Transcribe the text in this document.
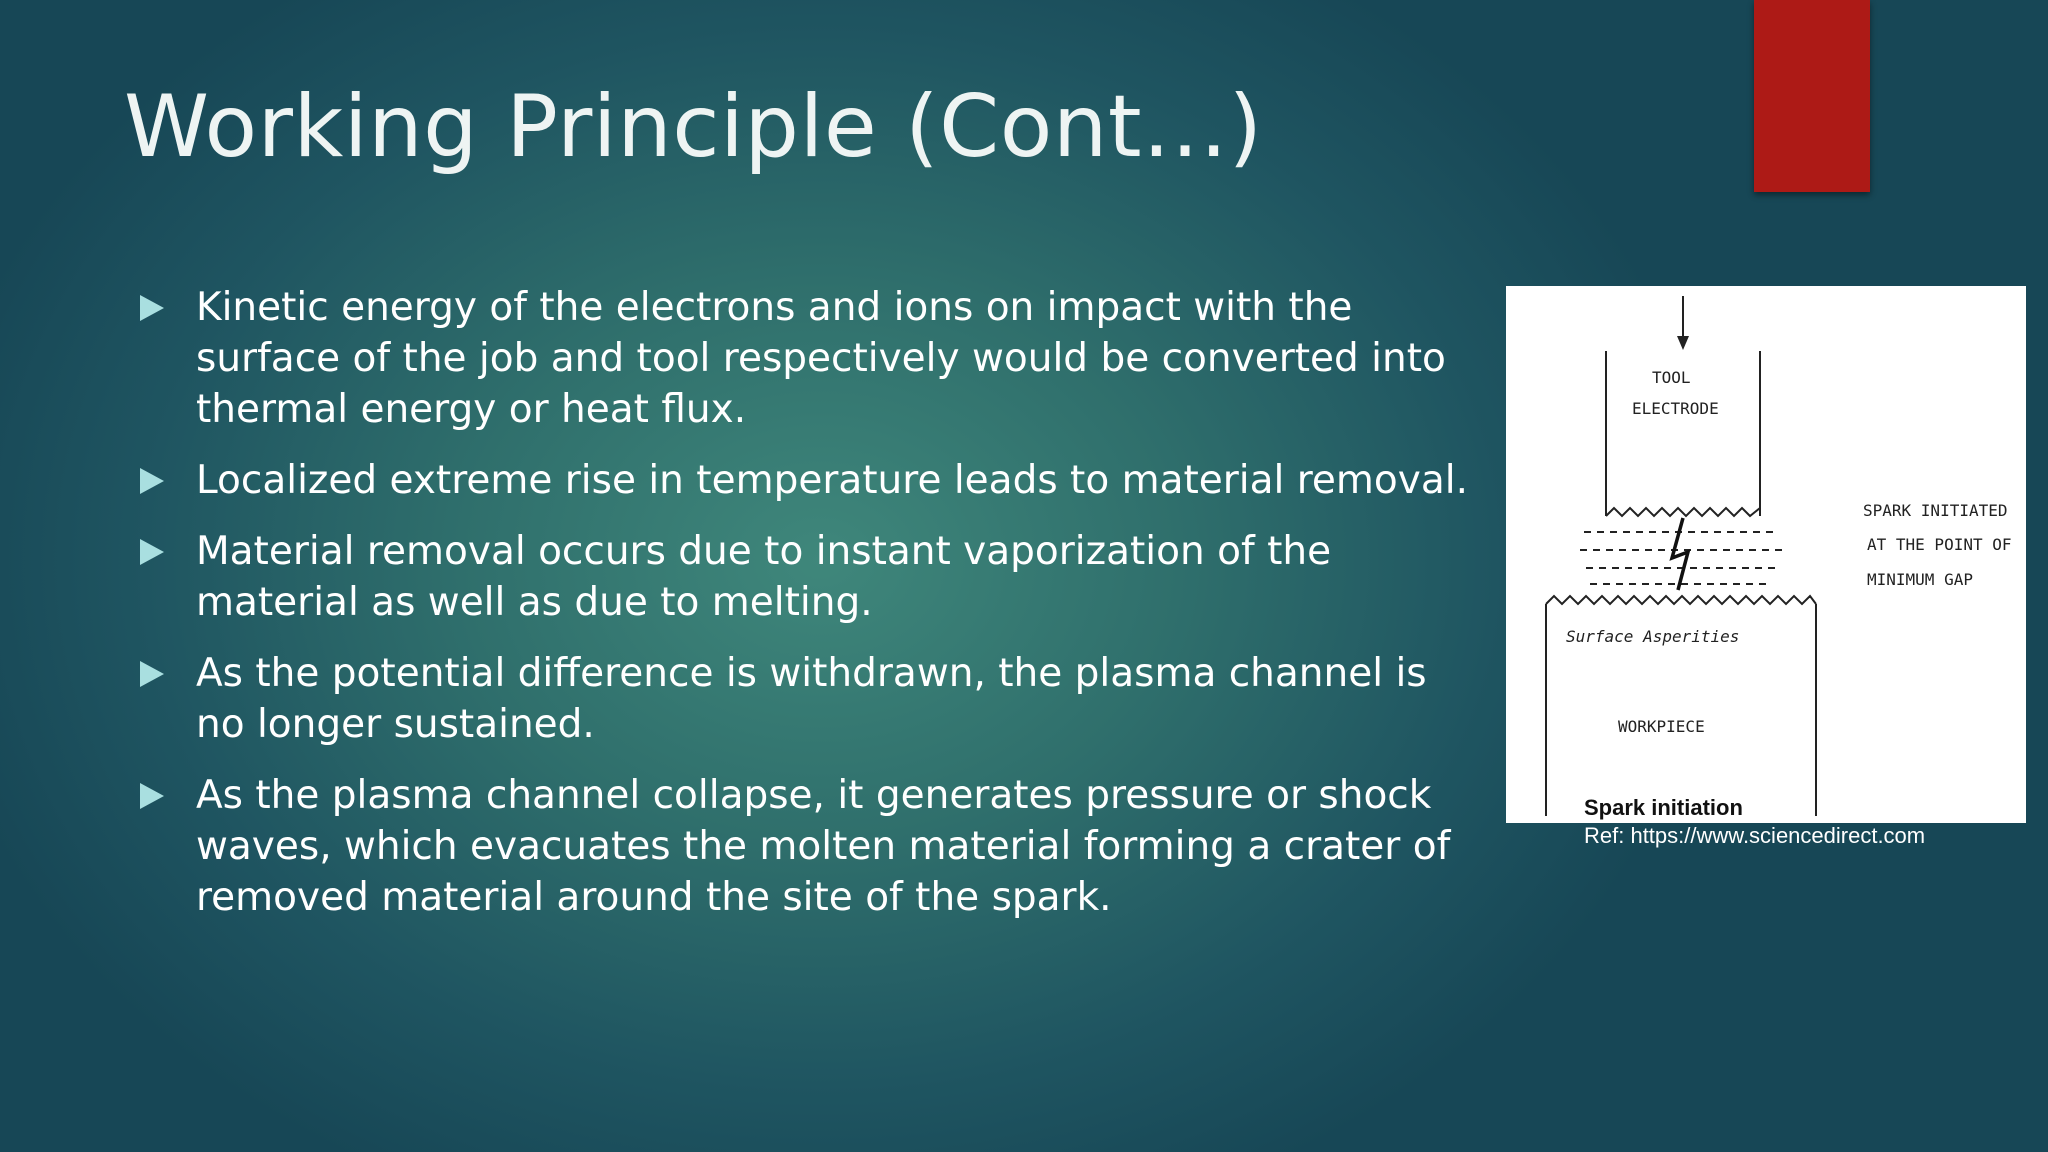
Working Principle (Cont…)
Kinetic energy of the electrons and ions on impact with the surface of the job and tool respectively would be converted into thermal energy or heat flux.
Localized extreme rise in temperature leads to material removal.
Material removal occurs due to instant vaporization of the material as well as due to melting.
As the potential difference is withdrawn, the plasma channel is no longer sustained.
As the plasma channel collapse, it generates pressure or shock waves, which evacuates the molten material forming a crater of removed material around the site of the spark.
TOOL
ELECTRODE
SPARK INITIATED
AT THE POINT OF
MINIMUM GAP
Surface Asperities
WORKPIECE
Spark initiation
Ref: https://www.sciencedirect.com
